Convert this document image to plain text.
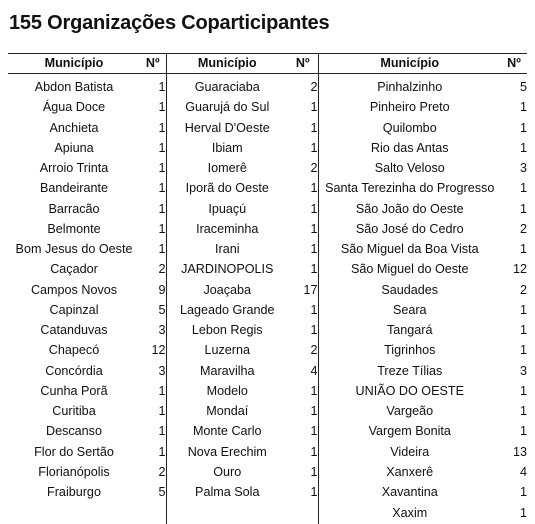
155 Organizações Coparticipantes
Município	Nº	Município	Nº	Município	Nº
Abdon Batista	1	Guaraciaba	2	Pinhalzinho	5
Água Doce	1	Guarujá do Sul	1	Pinheiro Preto	1
Anchieta	1	Herval D'Oeste	1	Quilombo	1
Apiuna	1	Ibiam	1	Rio das Antas	1
Arroio Trinta	1	Iomerê	2	Salto Veloso	3
Bandeirante	1	Iporã do Oeste	1	Santa Terezinha do Progresso	1
Barracão	1	Ipuaçú	1	São João do Oeste	1
Belmonte	1	Iraceminha	1	São José do Cedro	2
Bom Jesus do Oeste	1	Irani	1	São Miguel da Boa Vista	1
Caçador	2	JARDINOPOLIS	1	São Miguel do Oeste	12
Campos Novos	9	Joaçaba	17	Saudades	2
Capinzal	5	Lageado Grande	1	Seara	1
Catanduvas	3	Lebon Regis	1	Tangará	1
Chapecó	12	Luzerna	2	Tigrinhos	1
Concórdia	3	Maravilha	4	Treze Tílias	3
Cunha Porã	1	Modelo	1	UNIÃO DO OESTE	1
Curitiba	1	Mondaí	1	Vargeão	1
Descanso	1	Monte Carlo	1	Vargem Bonita	1
Flor do Sertão	1	Nova Erechim	1	Videira	13
Florianópolis	2	Ouro	1	Xanxerê	4
Fraiburgo	5	Palma Sola	1	Xavantina	1
				Xaxim	1
